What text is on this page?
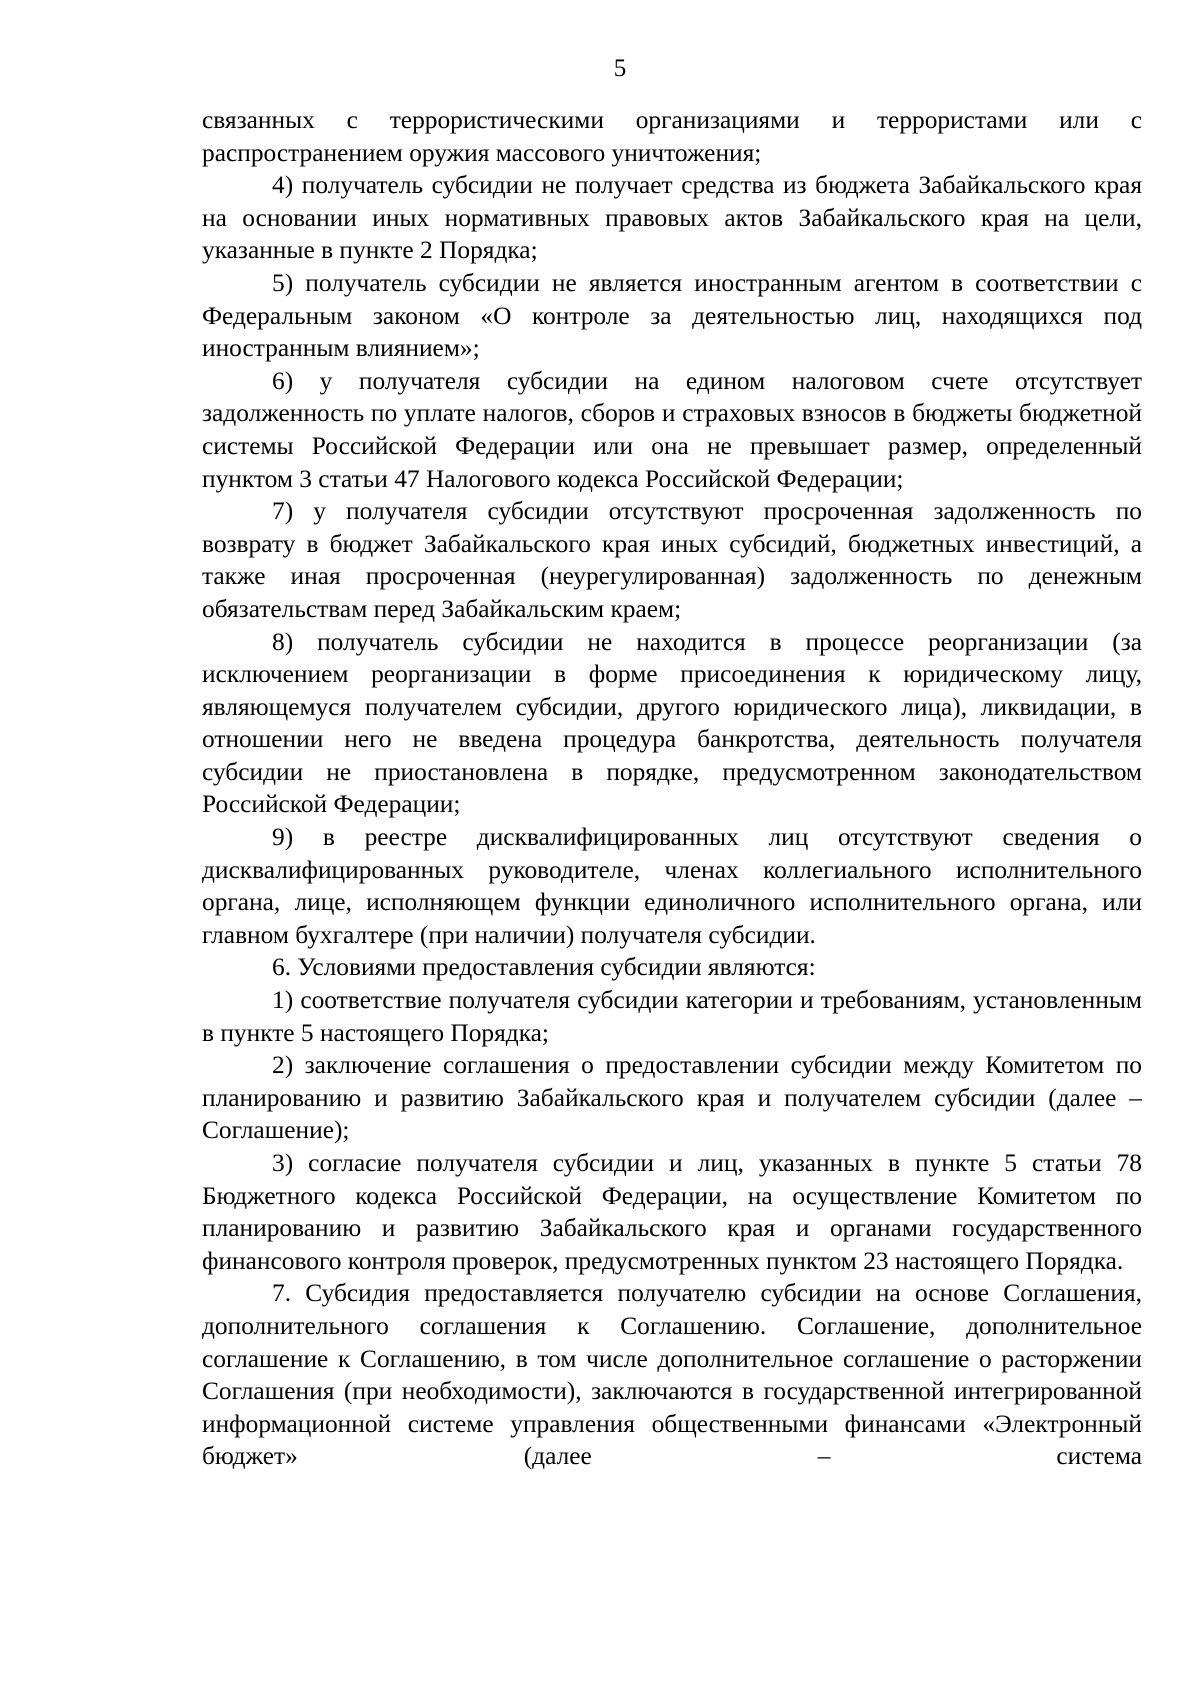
5

связанных с террористическими организациями и террористами или с распространением оружия массового уничтожения;

4) получатель субсидии не получает средства из бюджета Забайкальского края на основании иных нормативных правовых актов Забайкальского края на цели, указанные в пункте 2 Порядка;

5) получатель субсидии не является иностранным агентом в соответствии с Федеральным законом «О контроле за деятельностью лиц, находящихся под иностранным влиянием»;

6) у получателя субсидии на едином налоговом счете отсутствует задолженность по уплате налогов, сборов и страховых взносов в бюджеты бюджетной системы Российской Федерации или она не превышает размер, определенный пунктом 3 статьи 47 Налогового кодекса Российской Федерации;

7) у получателя субсидии отсутствуют просроченная задолженность по возврату в бюджет Забайкальского края иных субсидий, бюджетных инвестиций, а также иная просроченная (неурегулированная) задолженность по денежным обязательствам перед Забайкальским краем;

8) получатель субсидии не находится в процессе реорганизации (за исключением реорганизации в форме присоединения к юридическому лицу, являющемуся получателем субсидии, другого юридического лица), ликвидации, в отношении него не введена процедура банкротства, деятельность получателя субсидии не приостановлена в порядке, предусмотренном законодательством Российской Федерации;

9) в реестре дисквалифицированных лиц отсутствуют сведения о дисквалифицированных руководителе, членах коллегиального исполнительного органа, лице, исполняющем функции единоличного исполнительного органа, или главном бухгалтере (при наличии) получателя субсидии.

6. Условиями предоставления субсидии являются:

1) соответствие получателя субсидии категории и требованиям, установленным в пункте 5 настоящего Порядка;

2) заключение соглашения о предоставлении субсидии между Комитетом по планированию и развитию Забайкальского края и получателем субсидии (далее – Соглашение);

3) согласие получателя субсидии и лиц, указанных в пункте 5 статьи 78 Бюджетного кодекса Российской Федерации, на осуществление Комитетом по планированию и развитию Забайкальского края и органами государственного финансового контроля проверок, предусмотренных пунктом 23 настоящего Порядка.

7. Субсидия предоставляется получателю субсидии на основе Соглашения, дополнительного соглашения к Соглашению. Соглашение, дополнительное соглашение к Соглашению, в том числе дополнительное соглашение о расторжении Соглашения (при необходимости), заключаются в государственной интегрированной информационной системе управления общественными финансами «Электронный бюджет» (далее – система
